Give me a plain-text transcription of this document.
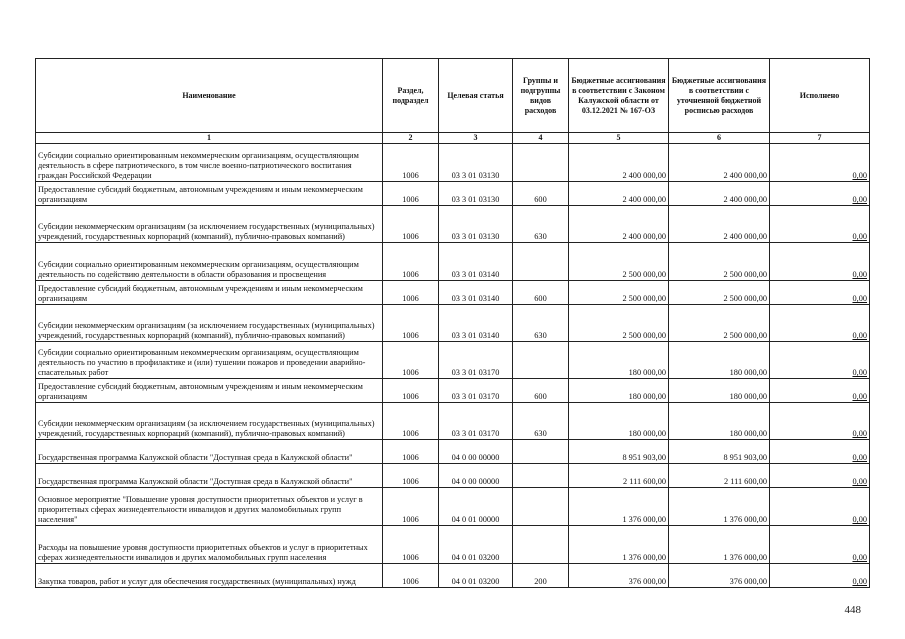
Наименование	Раздел, подраздел	Целевая статья	Группы и подгруппы видов расходов	Бюджетные ассигнования в соответствии с Законом Калужской области от 03.12.2021 № 167-ОЗ	Бюджетные ассигнования в соответствии с уточненной бюджетной росписью расходов	Исполнено
1	2	3	4	5	6	7
Субсидии социально ориентированным некоммерческим организациям, осуществляющим деятельность в сфере патриотического, в том числе военно-патриотического воспитания граждан Российской Федерации	1006	03 3 01 03130		2 400 000,00	2 400 000,00	0,00
Предоставление субсидий бюджетным, автономным учреждениям и иным некоммерческим организациям	1006	03 3 01 03130	600	2 400 000,00	2 400 000,00	0,00
Субсидии некоммерческим организациям (за исключением государственных (муниципальных) учреждений, государственных корпораций (компаний), публично-правовых компаний)	1006	03 3 01 03130	630	2 400 000,00	2 400 000,00	0,00
Субсидии социально ориентированным некоммерческим организациям, осуществляющим деятельность по содействию деятельности в области образования и просвещения	1006	03 3 01 03140		2 500 000,00	2 500 000,00	0,00
Предоставление субсидий бюджетным, автономным учреждениям и иным некоммерческим организациям	1006	03 3 01 03140	600	2 500 000,00	2 500 000,00	0,00
Субсидии некоммерческим организациям (за исключением государственных (муниципальных) учреждений, государственных корпораций (компаний), публично-правовых компаний)	1006	03 3 01 03140	630	2 500 000,00	2 500 000,00	0,00
Субсидии социально ориентированным некоммерческим организациям, осуществляющим деятельность по участию в профилактике и (или) тушении пожаров и проведении аварийно-спасательных работ	1006	03 3 01 03170		180 000,00	180 000,00	0,00
Предоставление субсидий бюджетным, автономным учреждениям и иным некоммерческим организациям	1006	03 3 01 03170	600	180 000,00	180 000,00	0,00
Субсидии некоммерческим организациям (за исключением государственных (муниципальных) учреждений, государственных корпораций (компаний), публично-правовых компаний)	1006	03 3 01 03170	630	180 000,00	180 000,00	0,00
Государственная программа Калужской области "Доступная среда в Калужской области"	1006	04 0 00 00000		8 951 903,00	8 951 903,00	0,00
Государственная программа Калужской области "Доступная среда в Калужской области"	1006	04 0 00 00000		2 111 600,00	2 111 600,00	0,00
Основное мероприятие "Повышение уровня доступности приоритетных объектов и услуг в приоритетных сферах жизнедеятельности инвалидов и других маломобильных групп населения"	1006	04 0 01 00000		1 376 000,00	1 376 000,00	0,00
Расходы на повышение уровня доступности приоритетных объектов и услуг в приоритетных сферах жизнедеятельности инвалидов и других маломобильных групп населения	1006	04 0 01 03200		1 376 000,00	1 376 000,00	0,00
Закупка товаров, работ и услуг для обеспечения государственных (муниципальных) нужд	1006	04 0 01 03200	200	376 000,00	376 000,00	0,00
448
